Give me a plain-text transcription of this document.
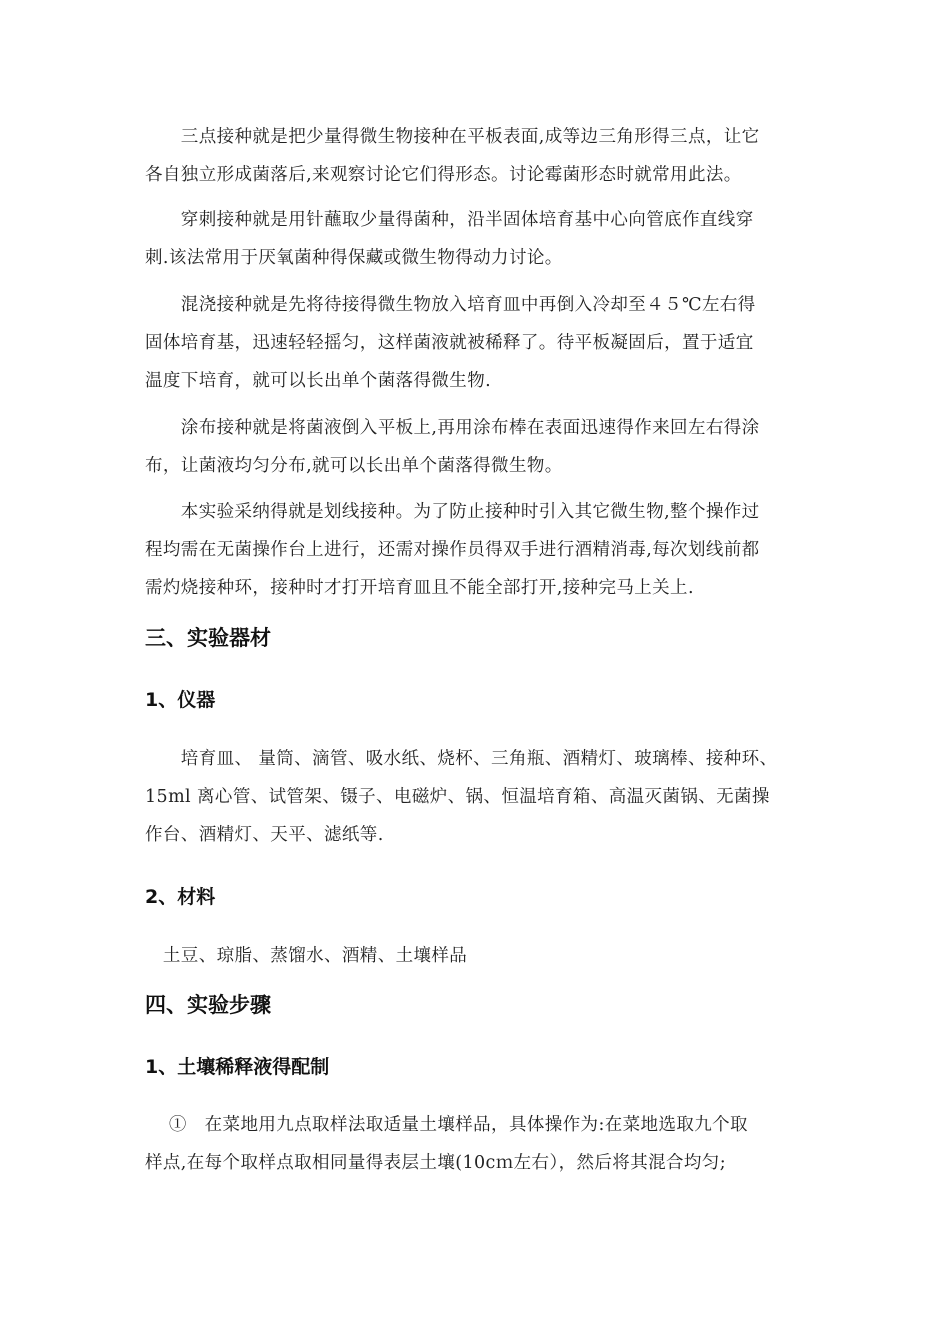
　　三点接种就是把少量得微生物接种在平板表面,成等边三角形得三点，让它
各自独立形成菌落后,来观察讨论它们得形态。讨论霉菌形态时就常用此法。
　　穿刺接种就是用针蘸取少量得菌种，沿半固体培育基中心向管底作直线穿
刺.该法常用于厌氧菌种得保藏或微生物得动力讨论。
　　混浇接种就是先将待接得微生物放入培育皿中再倒入冷却至４５℃左右得
固体培育基，迅速轻轻摇匀，这样菌液就被稀释了。待平板凝固后，置于适宜
温度下培育，就可以长出单个菌落得微生物.
　　涂布接种就是将菌液倒入平板上,再用涂布棒在表面迅速得作来回左右得涂
布，让菌液均匀分布,就可以长出单个菌落得微生物。
　　本实验采纳得就是划线接种。为了防止接种时引入其它微生物,整个操作过
程均需在无菌操作台上进行，还需对操作员得双手进行酒精消毒,每次划线前都
需灼烧接种环，接种时才打开培育皿且不能全部打开,接种完马上关上.
三、实验器材
1、仪器
　　培育皿、 量筒、滴管、吸水纸、烧杯、三角瓶、酒精灯、玻璃棒、接种环、
15ml 离心管、试管架、镊子、电磁炉、锅、恒温培育箱、高温灭菌锅、无菌操
作台、酒精灯、天平、滤纸等.
2、材料
　土豆、琼脂、蒸馏水、酒精、土壤样品
四、实验步骤
1、土壤稀释液得配制
　 ①　在菜地用九点取样法取适量土壤样品，具体操作为:在菜地选取九个取
样点,在每个取样点取相同量得表层土壤(10cｍ左右），然后将其混合均匀;
